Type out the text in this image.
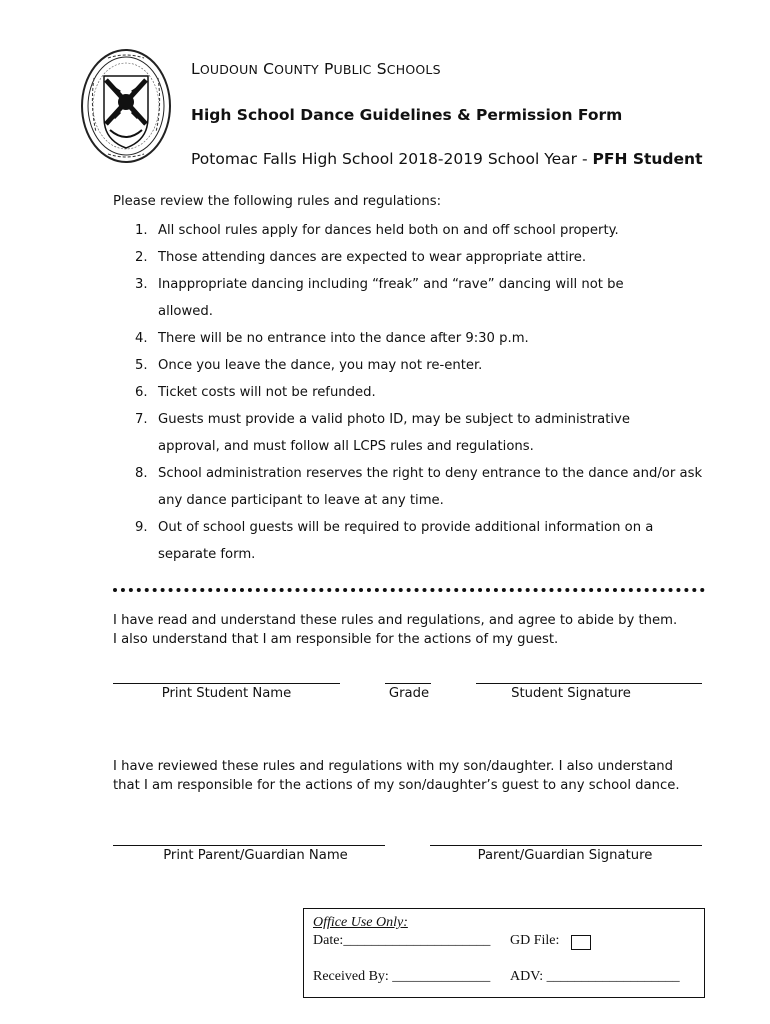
LOUDOUN COUNTY PUBLIC SCHOOLS
High School Dance Guidelines & Permission Form
Potomac Falls High School 2018-2019 School Year - PFH Student
Please review the following rules and regulations:
1. All school rules apply for dances held both on and off school property.
2. Those attending dances are expected to wear appropriate attire.
3. Inappropriate dancing including “freak” and “rave” dancing will not be allowed.
4. There will be no entrance into the dance after 9:30 p.m.
5. Once you leave the dance, you may not re-enter.
6. Ticket costs will not be refunded.
7. Guests must provide a valid photo ID, may be subject to administrative approval, and must follow all LCPS rules and regulations.
8. School administration reserves the right to deny entrance to the dance and/or ask any dance participant to leave at any time.
9. Out of school guests will be required to provide additional information on a separate form.
I have read and understand these rules and regulations, and agree to abide by them.
I also understand that I am responsible for the actions of my guest.
Print Student Name	Grade	Student Signature
I have reviewed these rules and regulations with my son/daughter. I also understand
that I am responsible for the actions of my son/daughter’s guest to any school dance.
Print Parent/Guardian Name	Parent/Guardian Signature
Office Use Only:
Date:_____________________ GD File:
Received By: ______________ ADV: ___________________
